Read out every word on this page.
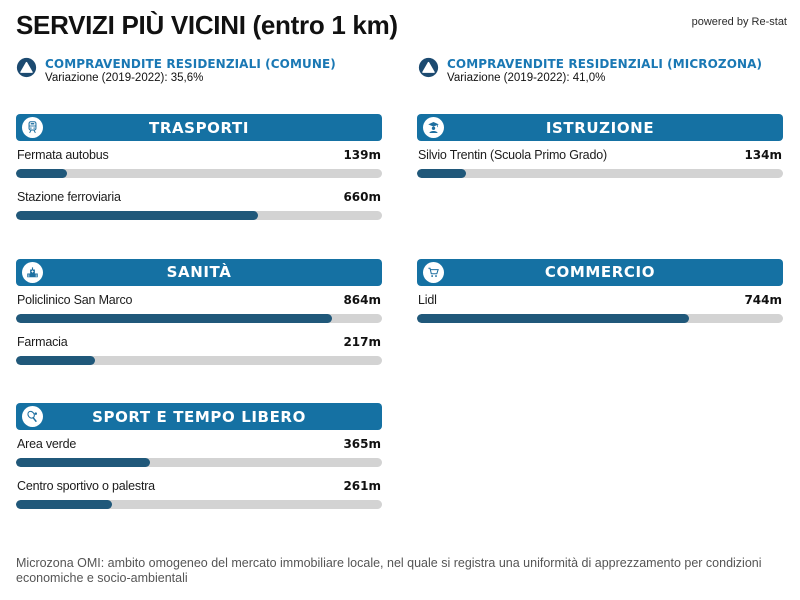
SERVIZI PIÙ VICINI (entro 1 km)	powered by Re-stat
COMPRAVENDITE RESIDENZIALI (COMUNE)
Variazione (2019-2022): 35,6%
COMPRAVENDITE RESIDENZIALI (MICROZONA)
Variazione (2019-2022): 41,0%
TRASPORTI
Fermata autobus	139m
Stazione ferroviaria	660m
SANITÀ
Policlinico San Marco	864m
Farmacia	217m
SPORT E TEMPO LIBERO
Area verde	365m
Centro sportivo o palestra	261m
ISTRUZIONE
Silvio Trentin (Scuola Primo Grado)	134m
COMMERCIO
Lidl	744m
Microzona OMI: ambito omogeneo del mercato immobiliare locale, nel quale si registra una uniformità di apprezzamento per condizioni economiche e socio-ambientali
